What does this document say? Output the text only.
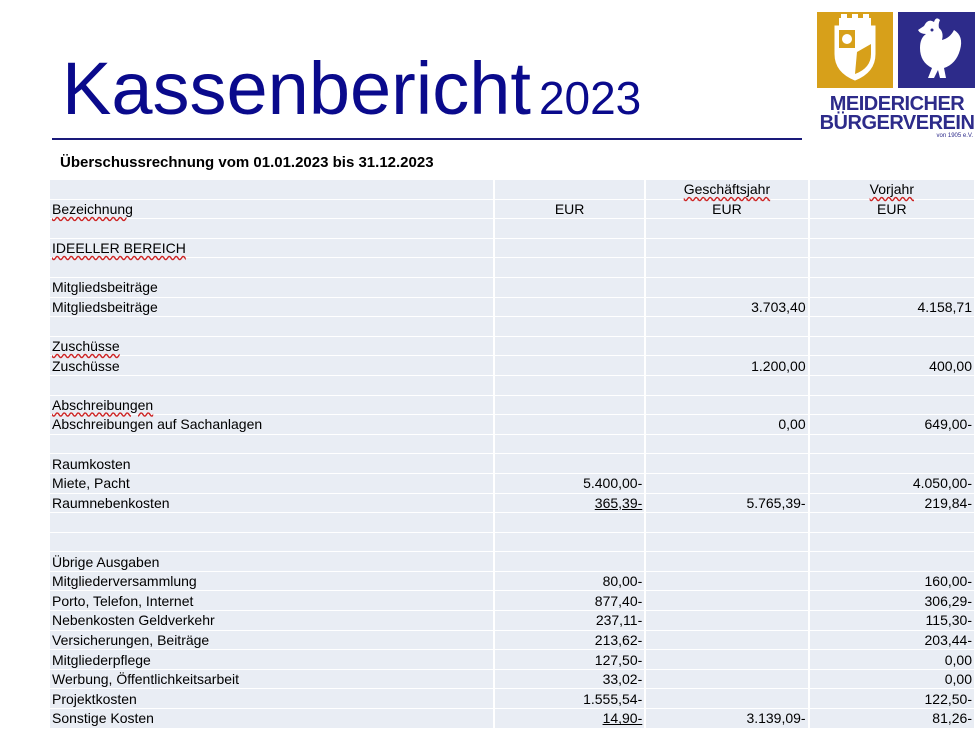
Kassenbericht 2023	MEIDERICHER
BÜRGERVEREIN
von 1905 e.V.
Überschussrechnung vom 01.01.2023 bis 31.12.2023
		Geschäftsjahr	Vorjahr
Bezeichnung	EUR	EUR	EUR

IDEELLER BEREICH			

Mitgliedsbeiträge			
Mitgliedsbeiträge		3.703,40	4.158,71

Zuschüsse			
Zuschüsse		1.200,00	400,00

Abschreibungen			
Abschreibungen auf Sachanlagen		0,00	649,00-

Raumkosten			
Miete, Pacht	5.400,00-		4.050,00-
Raumnebenkosten	365,39-	5.765,39-	219,84-

Übrige Ausgaben			
Mitgliederversammlung	80,00-		160,00-
Porto, Telefon, Internet	877,40-		306,29-
Nebenkosten Geldverkehr	237,11-		115,30-
Versicherungen, Beiträge	213,62-		203,44-
Mitgliederpflege	127,50-		0,00
Werbung, Öffentlichkeitsarbeit	33,02-		0,00
Projektkosten	1.555,54-		122,50-
Sonstige Kosten	14,90-	3.139,09-	81,26-
